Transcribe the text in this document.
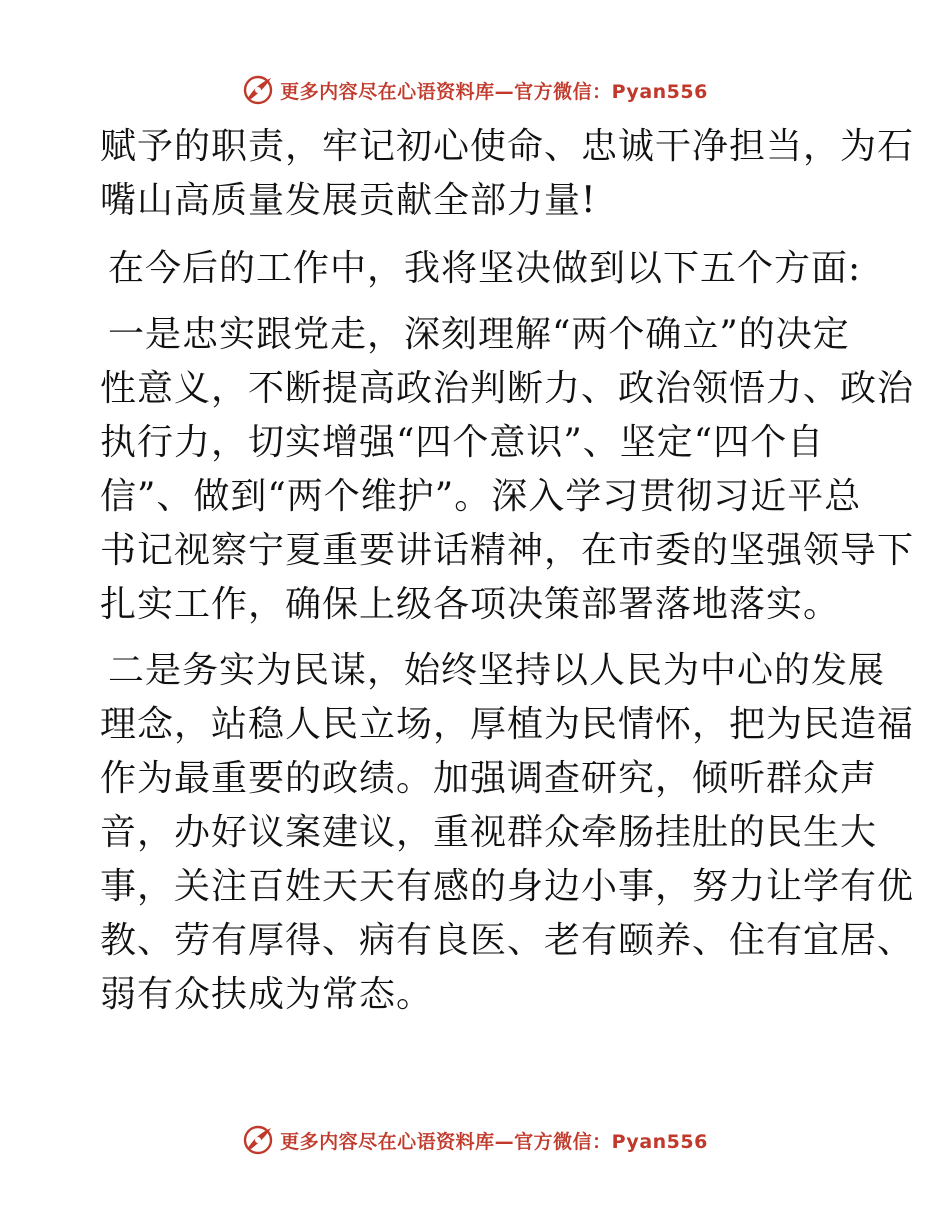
更多内容尽在心语资料库—官方微信：Pyan556

赋予的职责，牢记初心使命、忠诚干净担当，为石
嘴山高质量发展贡献全部力量!

在今后的工作中，我将坚决做到以下五个方面:

一是忠实跟党走，深刻理解“两个确立”的决定
性意义，不断提高政治判断力、政治领悟力、政治
执行力，切实增强“四个意识”、坚定“四个自
信”、做到“两个维护”。深入学习贯彻习近平总
书记视察宁夏重要讲话精神，在市委的坚强领导下
扎实工作，确保上级各项决策部署落地落实。

二是务实为民谋，始终坚持以人民为中心的发展
理念，站稳人民立场，厚植为民情怀，把为民造福
作为最重要的政绩。加强调查研究，倾听群众声
音，办好议案建议，重视群众牵肠挂肚的民生大
事，关注百姓天天有感的身边小事，努力让学有优
教、劳有厚得、病有良医、老有颐养、住有宜居、
弱有众扶成为常态。

更多内容尽在心语资料库—官方微信：Pyan556
